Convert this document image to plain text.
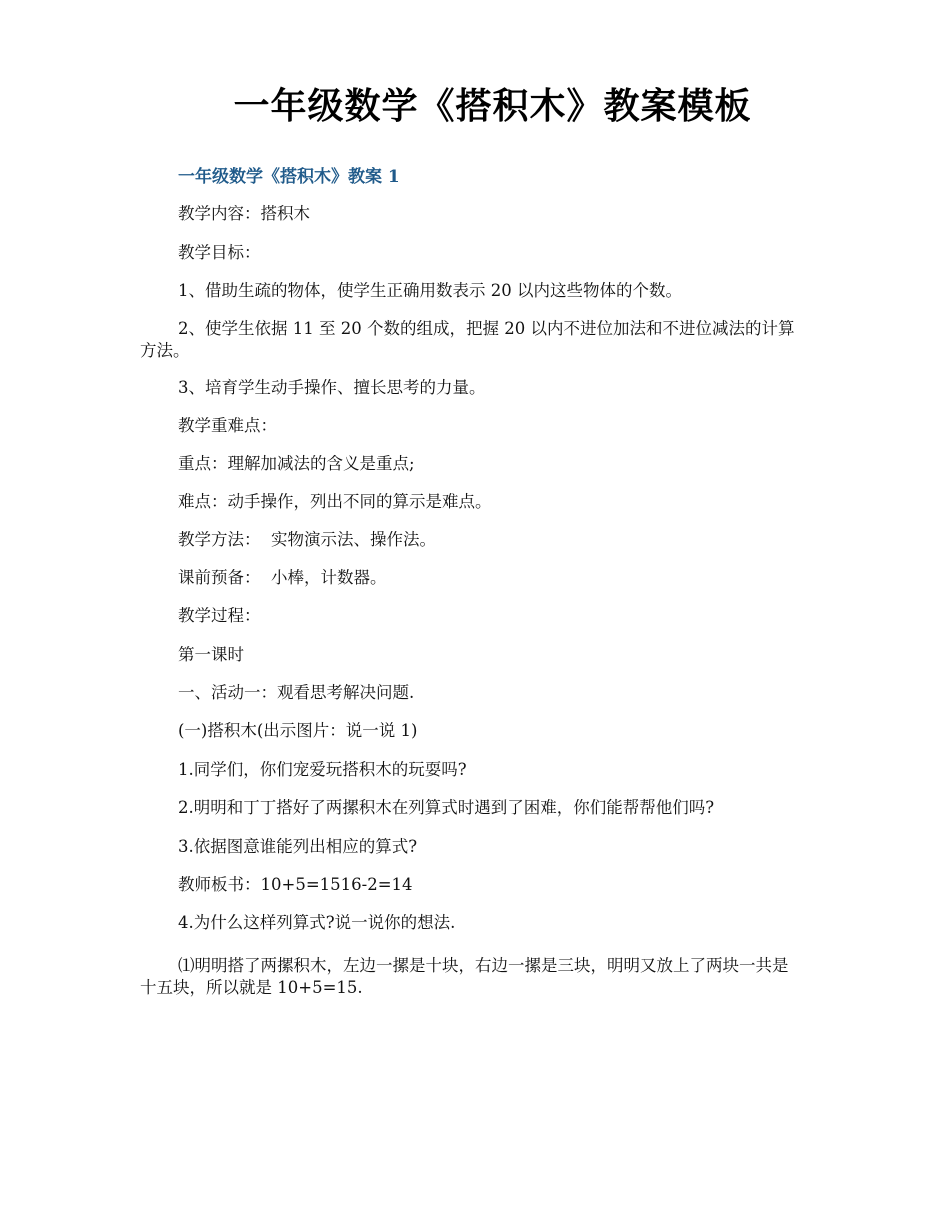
一年级数学《搭积木》教案模板
一年级数学《搭积木》教案 1

教学内容：搭积木

教学目标：

1、借助生疏的物体，使学生正确用数表示 20 以内这些物体的个数。

2、使学生依据 11 至 20 个数的组成，把握 20 以内不进位加法和不进位减法的计算方法。

3、培育学生动手操作、擅长思考的力量。

教学重难点：

重点：理解加减法的含义是重点;

难点：动手操作，列出不同的算示是难点。

教学方法：  实物演示法、操作法。

课前预备：  小棒，计数器。

教学过程：

第一课时

一、活动一：观看思考解决问题.

(一)搭积木(出示图片：说一说 1)

1.同学们，你们宠爱玩搭积木的玩耍吗?

2.明明和丁丁搭好了两摞积木在列算式时遇到了困难，你们能帮帮他们吗?

3.依据图意谁能列出相应的算式?

教师板书：10+5=1516-2=14

4.为什么这样列算式?说一说你的想法.

⑴明明搭了两摞积木，左边一摞是十块，右边一摞是三块，明明又放上了两块一共是十五块，所以就是 10+5=15.
